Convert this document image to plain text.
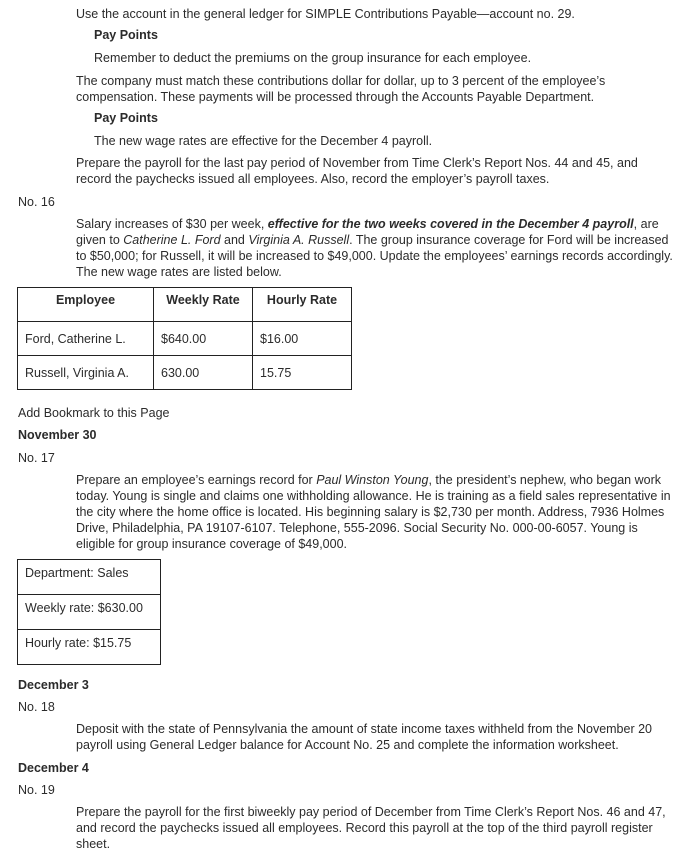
Use the account in the general ledger for SIMPLE Contributions Payable—account no. 29.

Pay Points

Remember to deduct the premiums on the group insurance for each employee.

The company must match these contributions dollar for dollar, up to 3 percent of the employee’s compensation. These payments will be processed through the Accounts Payable Department.

Pay Points

The new wage rates are effective for the December 4 payroll.

Prepare the payroll for the last pay period of November from Time Clerk’s Report Nos. 44 and 45, and record the paychecks issued all employees. Also, record the employer’s payroll taxes.

No. 16

Salary increases of $30 per week, effective for the two weeks covered in the December 4 payroll, are given to Catherine L. Ford and Virginia A. Russell. The group insurance coverage for Ford will be increased to $50,000; for Russell, it will be increased to $49,000. Update the employees’ earnings records accordingly. The new wage rates are listed below.

Employee	Weekly Rate	Hourly Rate
Ford, Catherine L.	$640.00	$16.00
Russell, Virginia A.	630.00	15.75
Add Bookmark to this Page
November 30
No. 17

Prepare an employee’s earnings record for Paul Winston Young, the president’s nephew, who began work today. Young is single and claims one withholding allowance. He is training as a field sales representative in the city where the home office is located. His beginning salary is $2,730 per month. Address, 7936 Holmes Drive, Philadelphia, PA 19107-6107. Telephone, 555-2096. Social Security No. 000-00-6057. Young is eligible for group insurance coverage of $49,000.

Department: Sales
Weekly rate: $630.00
Hourly rate: $15.75
December 3
No. 18

Deposit with the state of Pennsylvania the amount of state income taxes withheld from the November 20 payroll using General Ledger balance for Account No. 25 and complete the information worksheet.

December 4
No. 19

Prepare the payroll for the first biweekly pay period of December from Time Clerk’s Report Nos. 46 and 47, and record the paychecks issued all employees. Record this payroll at the top of the third payroll register sheet.
